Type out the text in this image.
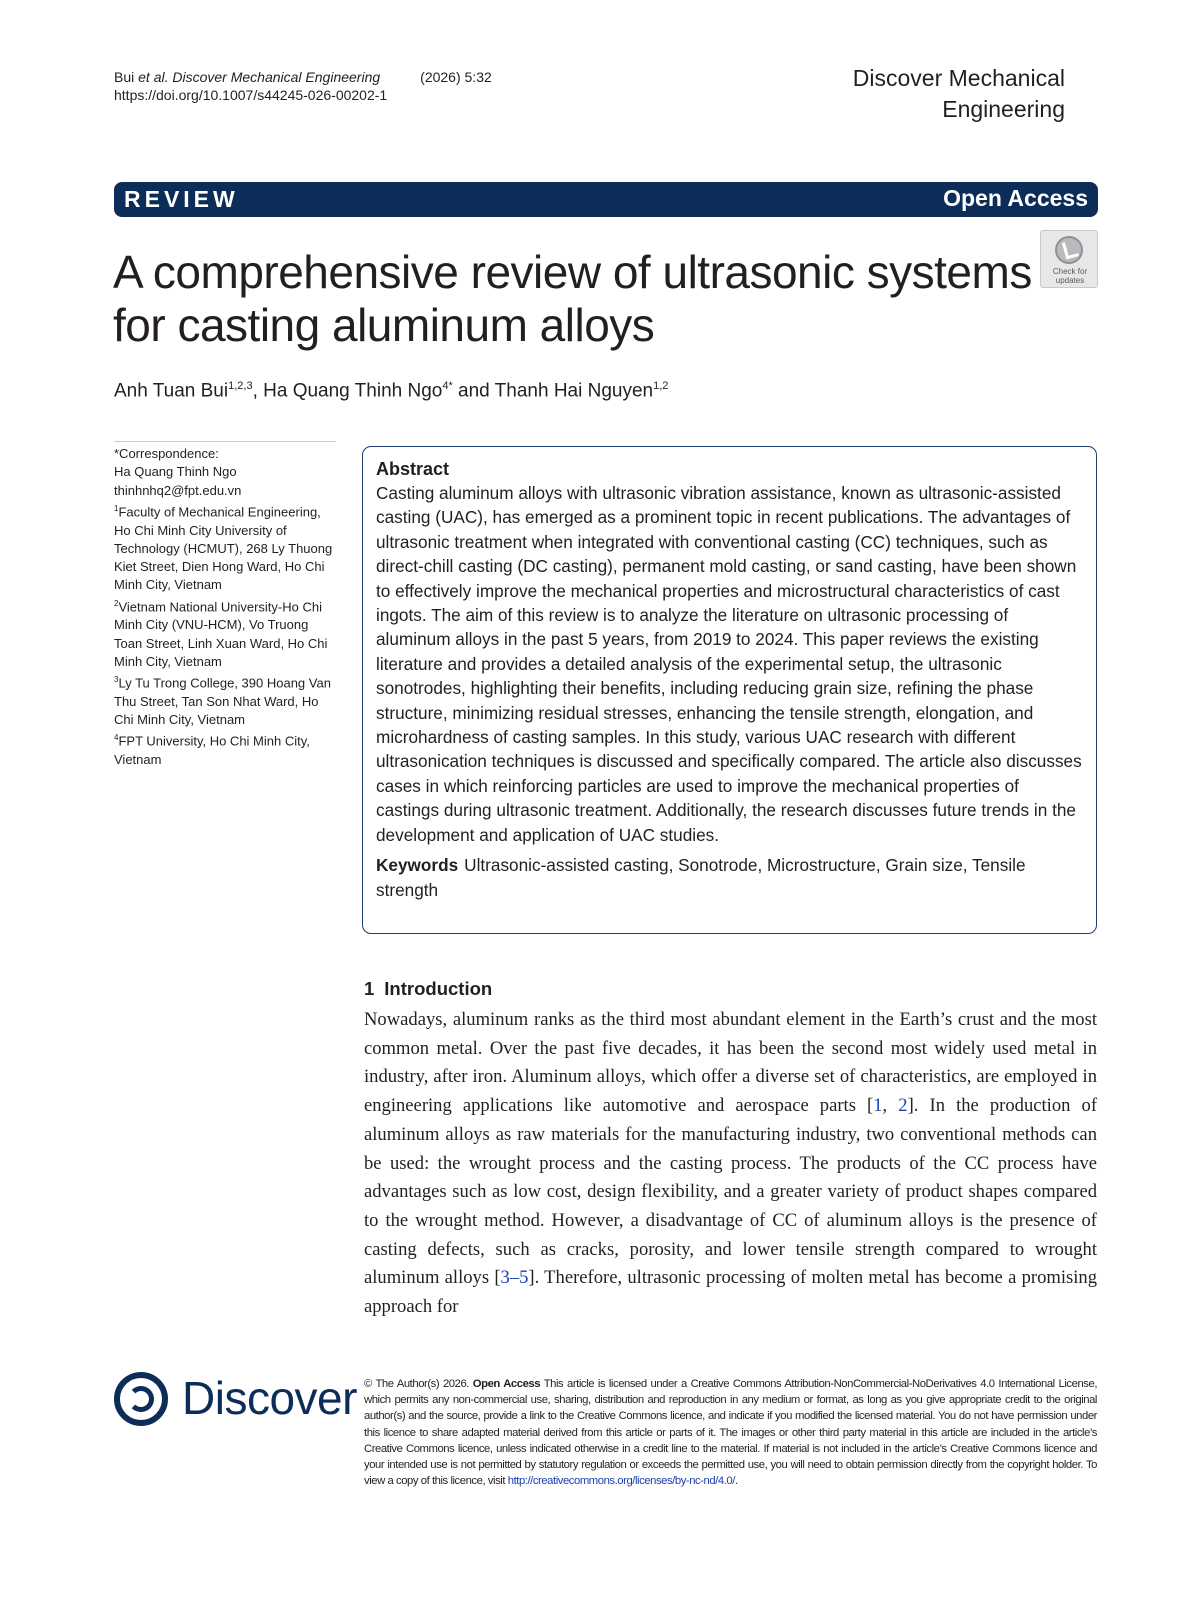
Bui et al. Discover Mechanical Engineering	(2026) 5:32
https://doi.org/10.1007/s44245-026-00202-1
Discover Mechanical
Engineering
REVIEW	Open Access
A comprehensive review of ultrasonic systems for casting aluminum alloys
Check for
updates
Anh Tuan Bui$^{1,2,3}$, Ha Quang Thinh Ngo$^{4*}$ and Thanh Hai Nguyen$^{1,2}$

*Correspondence:

Ha Quang Thinh Ngo

thinhnhq2@fpt.edu.vn

$^1$Faculty of Mechanical Engineering, Ho Chi Minh City University of Technology (HCMUT), 268 Ly Thuong Kiet Street, Dien Hong Ward, Ho Chi Minh City, Vietnam

$^2$Vietnam National University-Ho Chi Minh City (VNU-HCM), Vo Truong Toan Street, Linh Xuan Ward, Ho Chi Minh City, Vietnam

$^3$Ly Tu Trong College, 390 Hoang Van Thu Street, Tan Son Nhat Ward, Ho Chi Minh City, Vietnam

$^4$FPT University, Ho Chi Minh City, Vietnam

Abstract

Casting aluminum alloys with ultrasonic vibration assistance, known as ultrasonic-assisted casting (UAC), has emerged as a prominent topic in recent publications. The advantages of ultrasonic treatment when integrated with conventional casting (CC) techniques, such as direct-chill casting (DC casting), permanent mold casting, or sand casting, have been shown to effectively improve the mechanical properties and microstructural characteristics of cast ingots. The aim of this review is to analyze the literature on ultrasonic processing of aluminum alloys in the past 5 years, from 2019 to 2024. This paper reviews the existing literature and provides a detailed analysis of the experimental setup, the ultrasonic sonotrodes, highlighting their benefits, including reducing grain size, refining the phase structure, minimizing residual stresses, enhancing the tensile strength, elongation, and microhardness of casting samples. In this study, various UAC research with different ultrasonication techniques is discussed and specifically compared. The article also discusses cases in which reinforcing particles are used to improve the mechanical properties of castings during ultrasonic treatment. Additionally, the research discusses future trends in the development and application of UAC studies.

Keywords Ultrasonic-assisted casting, Sonotrode, Microstructure, Grain size, Tensile strength

1 Introduction

Nowadays, aluminum ranks as the third most abundant element in the Earth’s crust and the most common metal. Over the past five decades, it has been the second most widely used metal in industry, after iron. Aluminum alloys, which offer a diverse set of characteristics, are employed in engineering applications like automotive and aerospace parts [1, 2]. In the production of aluminum alloys as raw materials for the manufacturing industry, two conventional methods can be used: the wrought process and the casting process. The products of the CC process have advantages such as low cost, design flexibility, and a greater variety of product shapes compared to the wrought method. However, a disadvantage of CC of aluminum alloys is the presence of casting defects, such as cracks, porosity, and lower tensile strength compared to wrought aluminum alloys [3–5]. Therefore, ultrasonic processing of molten metal has become a promising approach for

Discover © The Author(s) 2026. Open Access This article is licensed under a Creative Commons Attribution-NonCommercial-NoDerivatives 4.0 International License, which permits any non-commercial use, sharing, distribution and reproduction in any medium or format, as long as you give appropriate credit to the original author(s) and the source, provide a link to the Creative Commons licence, and indicate if you modified the licensed material. You do not have permission under this licence to share adapted material derived from this article or parts of it. The images or other third party material in this article are included in the article’s Creative Commons licence, unless indicated otherwise in a credit line to the material. If material is not included in the article’s Creative Commons licence and your intended use is not permitted by statutory regulation or exceeds the permitted use, you will need to obtain permission directly from the copyright holder. To view a copy of this licence, visit http://creativecommons.org/licenses/by-nc-nd/4.0/.
